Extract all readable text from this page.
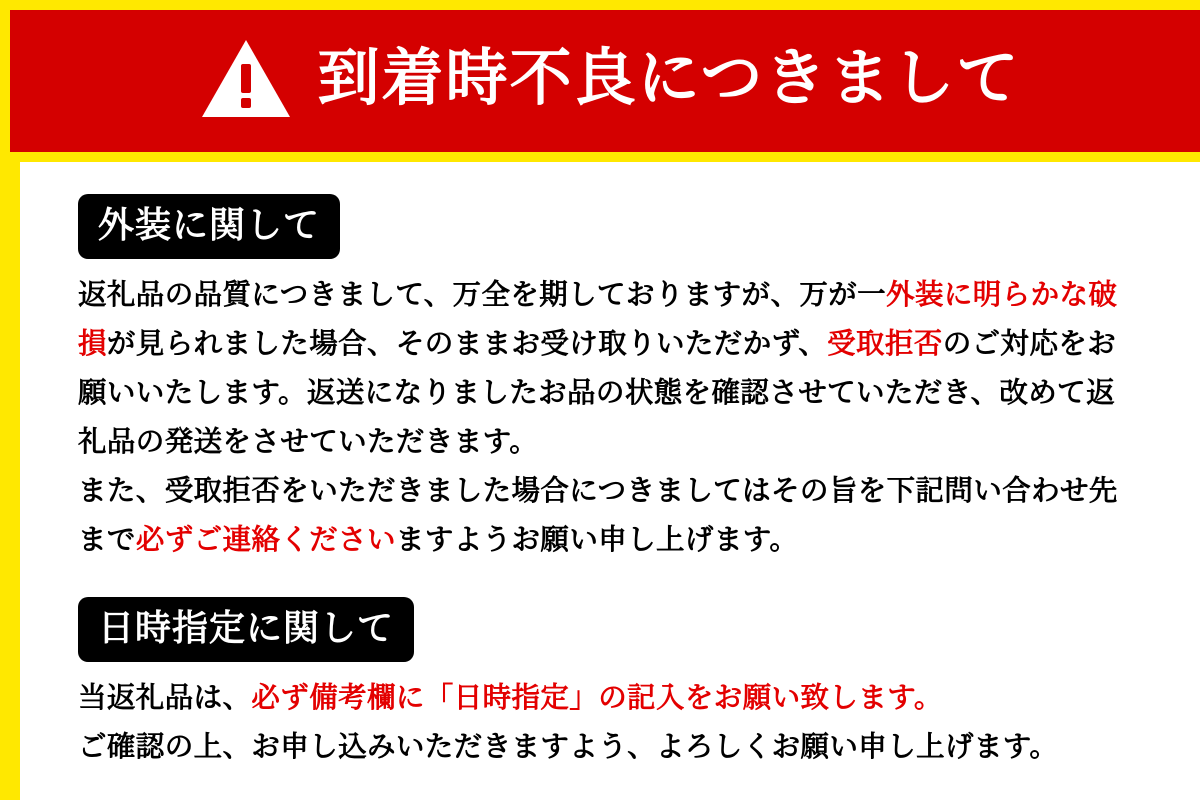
到着時不良につきまして
外装に関して

返礼品の品質につきまして、万全を期しておりますが、万が一外装に明らかな破

損が見られました場合、そのままお受け取りいただかず、受取拒否のご対応をお

願いいたします。返送になりましたお品の状態を確認させていただき、改めて返

礼品の発送をさせていただきます。

また、受取拒否をいただきました場合につきましてはその旨を下記問い合わせ先

まで必ずご連絡くださいますようお願い申し上げます。

日時指定に関して

当返礼品は、必ず備考欄に「日時指定」の記入をお願い致します。

ご確認の上、お申し込みいただきますよう、よろしくお願い申し上げます。
